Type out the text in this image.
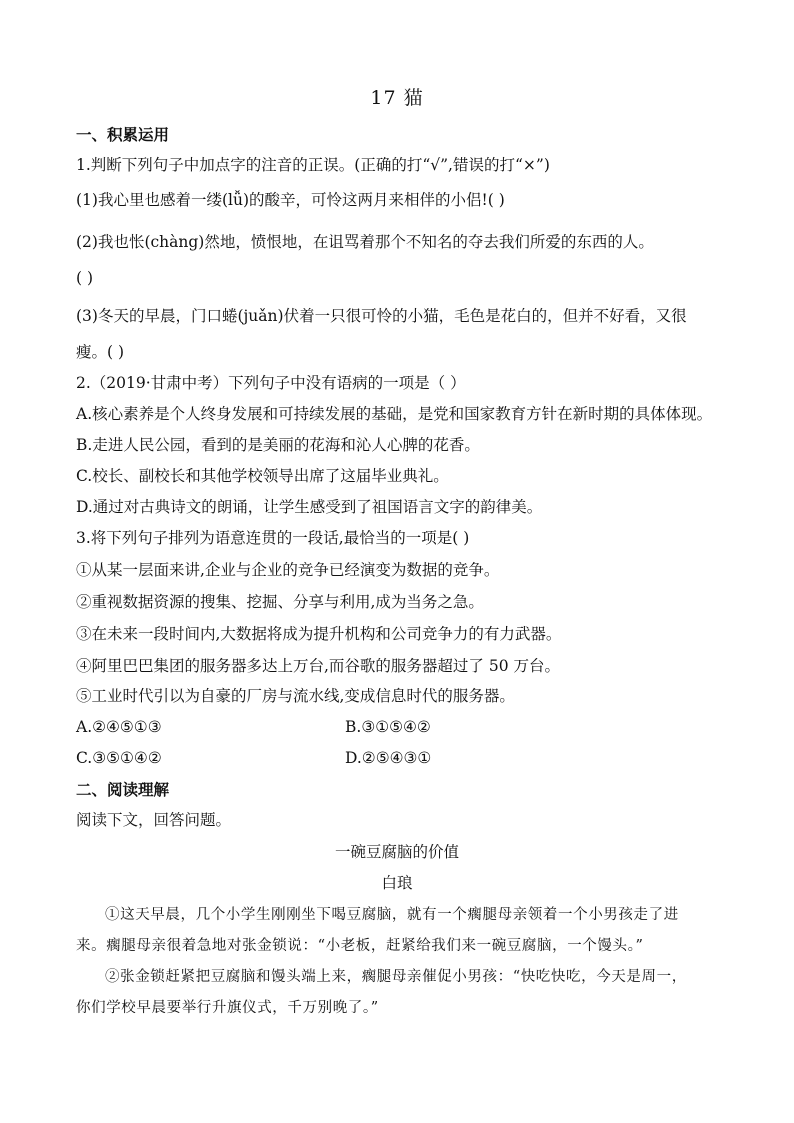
17 猫
一、积累运用
1.判断下列句子中加点字的注音的正误。(正确的打“√”,错误的打“×”)
(1)我心里也感着一缕(lǚ)的酸辛，可怜这两月来相伴的小侣!( )
(2)我也怅(chàng)然地，愤恨地，在诅骂着那个不知名的夺去我们所爱的东西的人。
( )
(3)冬天的早晨，门口蜷(juǎn)伏着一只很可怜的小猫，毛色是花白的，但并不好看，又很
瘦。( )
2.（2019·甘肃中考）下列句子中没有语病的一项是（ ）
A.核心素养是个人终身发展和可持续发展的基础，是党和国家教育方针在新时期的具体体现。
B.走进人民公园，看到的是美丽的花海和沁人心脾的花香。
C.校长、副校长和其他学校领导出席了这届毕业典礼。
D.通过对古典诗文的朗诵，让学生感受到了祖国语言文字的韵律美。
3.将下列句子排列为语意连贯的一段话,最恰当的一项是( )
①从某一层面来讲,企业与企业的竞争已经演变为数据的竞争。
②重视数据资源的搜集、挖掘、分享与利用,成为当务之急。
③在未来一段时间内,大数据将成为提升机构和公司竞争力的有力武器。
④阿里巴巴集团的服务器多达上万台,而谷歌的服务器超过了 50 万台。
⑤工业时代引以为自豪的厂房与流水线,变成信息时代的服务器。
A.②④⑤①③	B.③①⑤④②
C.③⑤①④②	D.②⑤④③①
二、阅读理解
阅读下文，回答问题。
一碗豆腐脑的价值
白琅
①这天早晨，几个小学生刚刚坐下喝豆腐脑，就有一个瘸腿母亲领着一个小男孩走了进
来。瘸腿母亲很着急地对张金锁说：“小老板，赶紧给我们来一碗豆腐脑，一个馒头。”
②张金锁赶紧把豆腐脑和馒头端上来，瘸腿母亲催促小男孩：“快吃快吃，今天是周一，
你们学校早晨要举行升旗仪式，千万别晚了。”
